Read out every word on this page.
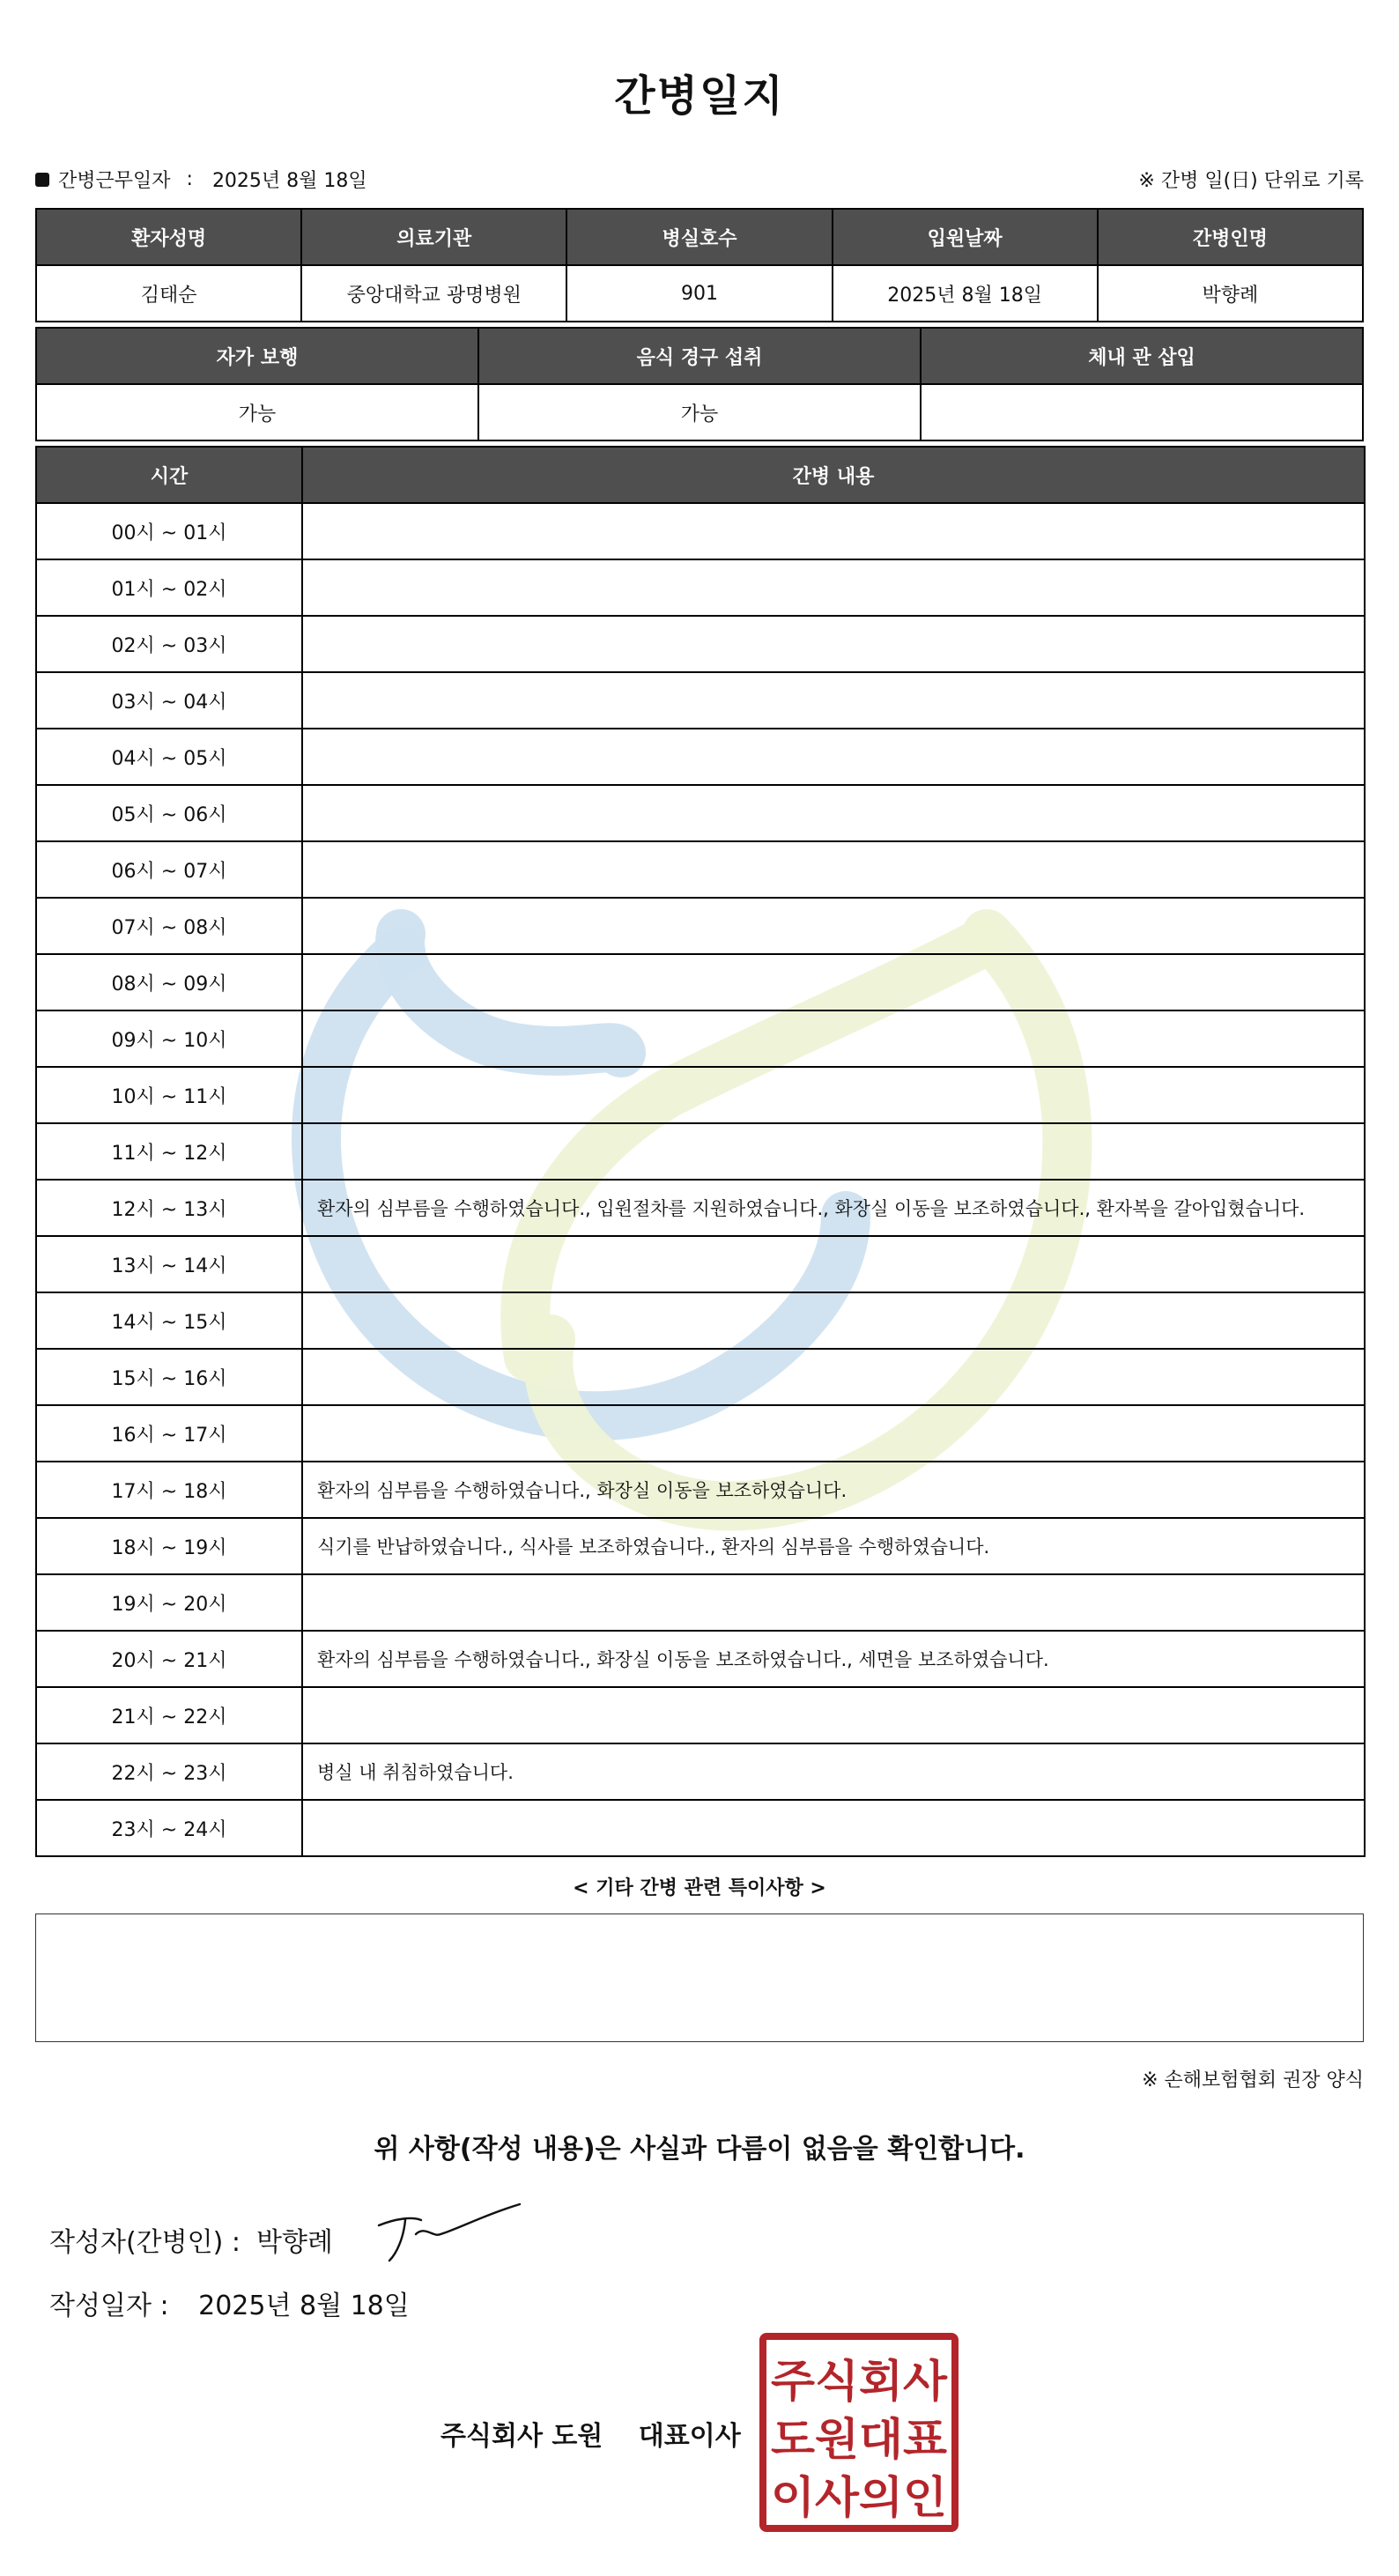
간병일지
간병근무일자 : 2025년 8월 18일	※ 간병 일(日) 단위로 기록
환자성명	의료기관	병실호수	입원날짜	간병인명
김태순	중앙대학교 광명병원	901	2025년 8월 18일	박향례
자가 보행	음식 경구 섭취	체내 관 삽입
가능	가능	
시간	간병 내용
00시 ~ 01시	
01시 ~ 02시	
02시 ~ 03시	
03시 ~ 04시	
04시 ~ 05시	
05시 ~ 06시	
06시 ~ 07시	
07시 ~ 08시	
08시 ~ 09시	
09시 ~ 10시	
10시 ~ 11시	
11시 ~ 12시	
12시 ~ 13시	환자의 심부름을 수행하였습니다., 입원절차를 지원하였습니다., 화장실 이동을 보조하였습니다., 환자복을 갈아입혔습니다.
13시 ~ 14시	
14시 ~ 15시	
15시 ~ 16시	
16시 ~ 17시	
17시 ~ 18시	환자의 심부름을 수행하였습니다., 화장실 이동을 보조하였습니다.
18시 ~ 19시	식기를 반납하였습니다., 식사를 보조하였습니다., 환자의 심부름을 수행하였습니다.
19시 ~ 20시	
20시 ~ 21시	환자의 심부름을 수행하였습니다., 화장실 이동을 보조하였습니다., 세면을 보조하였습니다.
21시 ~ 22시	
22시 ~ 23시	병실 내 취침하였습니다.
23시 ~ 24시	
< 기타 간병 관련 특이사항 >
※ 손해보험협회 권장 양식
위 사항(작성 내용)은 사실과 다름이 없음을 확인합니다.
작성자(간병인) : 박향례
작성일자 : 2025년 8월 18일
주식회사 도원 대표이사
주식회사
도원대표
이사의인
